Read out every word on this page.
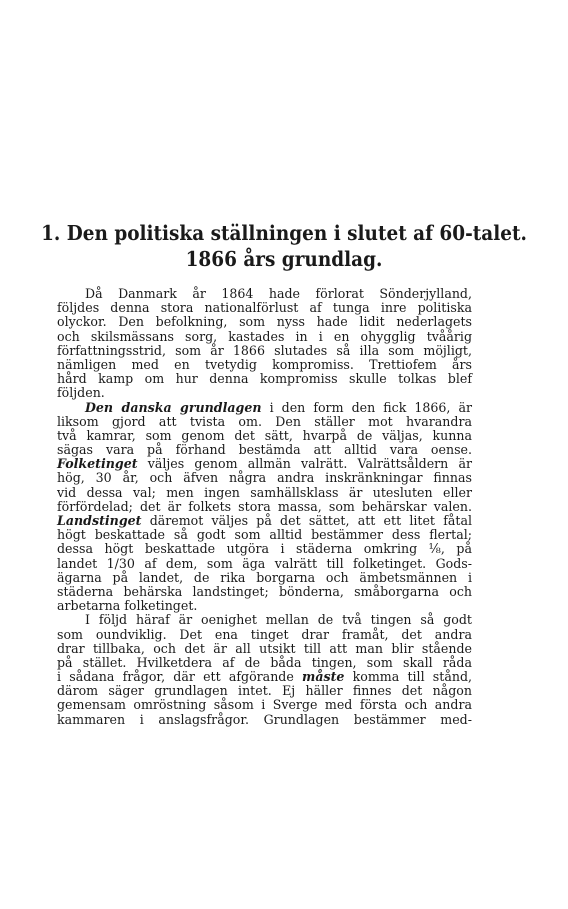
1. Den politiska ställningen i slutet af 60-talet.
1866 års grundlag.
Då Danmark år 1864 hade förlorat Sönderjylland,
följdes denna stora nationalförlust af tunga inre politiska
olyckor. Den befolkning, som nyss hade lidit nederlagets
och skilsmässans sorg, kastades in i en ohygglig tvåårig
författningsstrid, som år 1866 slutades så illa som möjligt,
nämligen med en tvetydig kompromiss. Trettiofem års
hård kamp om hur denna kompromiss skulle tolkas blef
följden.
Den danska grundlagen i den form den fick 1866, är
liksom gjord att tvista om. Den ställer mot hvarandra
två kamrar, som genom det sätt, hvarpå de väljas, kunna
sägas vara på förhand bestämda att alltid vara oense.
Folketinget väljes genom allmän valrätt. Valrättsåldern är
hög, 30 år, och äfven några andra inskränkningar finnas
vid dessa val; men ingen samhällsklass är utesluten eller
förfördelad; det är folkets stora massa, som behärskar valen.
Landstinget däremot väljes på det sättet, att ett litet fåtal
högt beskattade så godt som alltid bestämmer dess flertal;
dessa högt beskattade utgöra i städerna omkring ⅛, på
landet 1/30 af dem, som äga valrätt till folketinget. Gods-
ägarna på landet, de rika borgarna och ämbetsmännen i
städerna behärska landstinget; bönderna, småborgarna och
arbetarna folketinget.
I följd häraf är oenighet mellan de två tingen så godt
som oundviklig. Det ena tinget drar framåt, det andra
drar tillbaka, och det är all utsikt till att man blir stående
på stället. Hvilketdera af de båda tingen, som skall råda
i sådana frågor, där ett afgörande måste komma till stånd,
därom säger grundlagen intet. Ej häller finnes det någon
gemensam omröstning såsom i Sverge med första och andra
kammaren i anslagsfrågor. Grundlagen bestämmer med-
